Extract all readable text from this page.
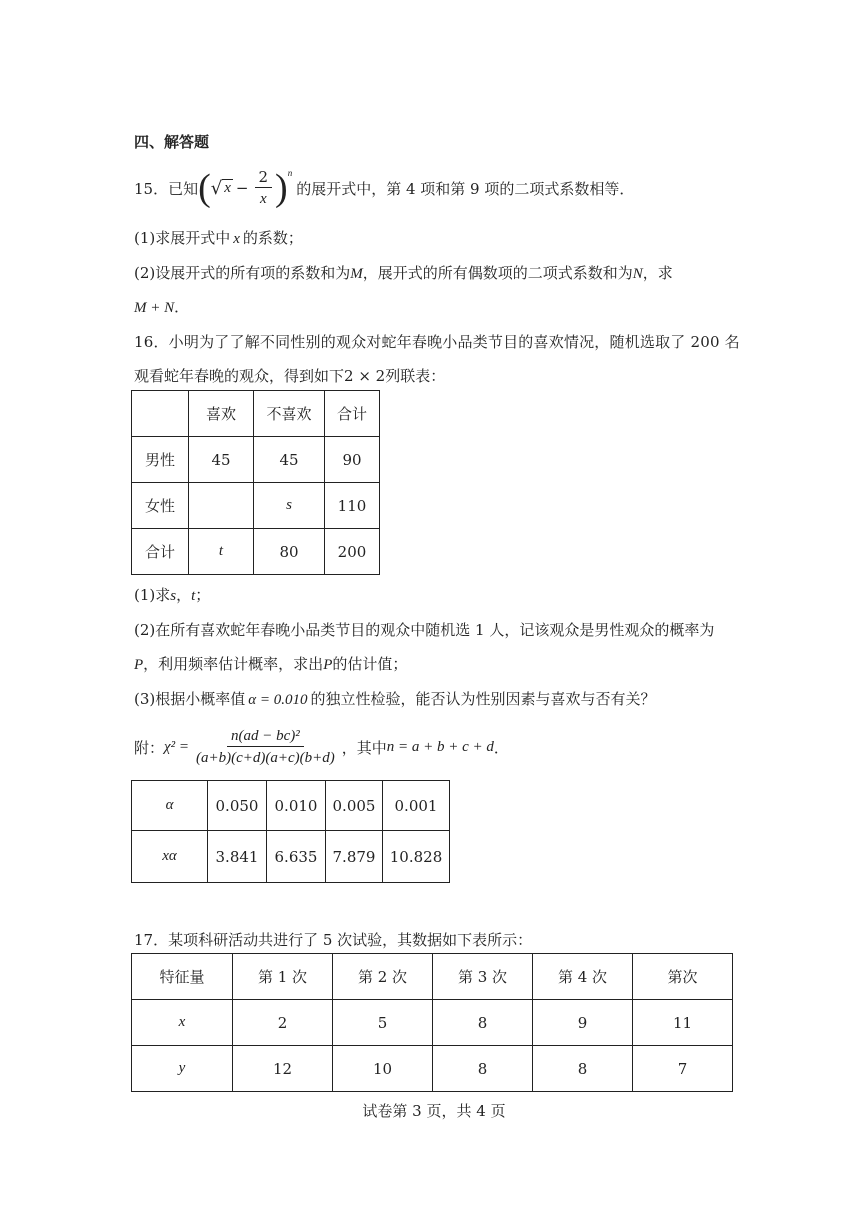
四、解答题
15． 已知 ( √ $x - \frac{2}{x}$ ) n
的展开式中，第 4 项和第 9 项的二项式系数相等．
(1)求展开式中 x 的系数；
(2)设展开式的所有项的系数和为M，展开式的所有偶数项的二项式系数和为N，求
M + N．
16．小明为了了解不同性别的观众对蛇年春晚小品类节目的喜欢情况，随机选取了 200 名
观看蛇年春晚的观众，得到如下2 × 2列联表：
	喜欢	不喜欢	合计
男性	45	45	90
女性		s	110
合计	t	80	200
(1)求s，t；
(2)在所有喜欢蛇年春晚小品类节目的观众中随机选 1 人，记该观众是男性观众的概率为
P，利用频率估计概率，求出P的估计值；
(3)根据小概率值 α = 0.010 的独立性检验，能否认为性别因素与喜欢与否有关？
附： $\chi^2 = \frac{\text{n(ad − bc)²}}{(a+b)(c+d)(a+c)(b+d)}$ ，其中 n = a + b + c + d ．
α	0.050	0.010	0.005	0.001
xα	3.841	6.635	7.879	10.828
17．某项科研活动共进行了 5 次试验，其数据如下表所示：
特征量	第 1 次	第 2 次	第 3 次	第 4 次	第次
x	2	5	8	9	11
y	12	10	8	8	7
试卷第 3 页，共 4 页
